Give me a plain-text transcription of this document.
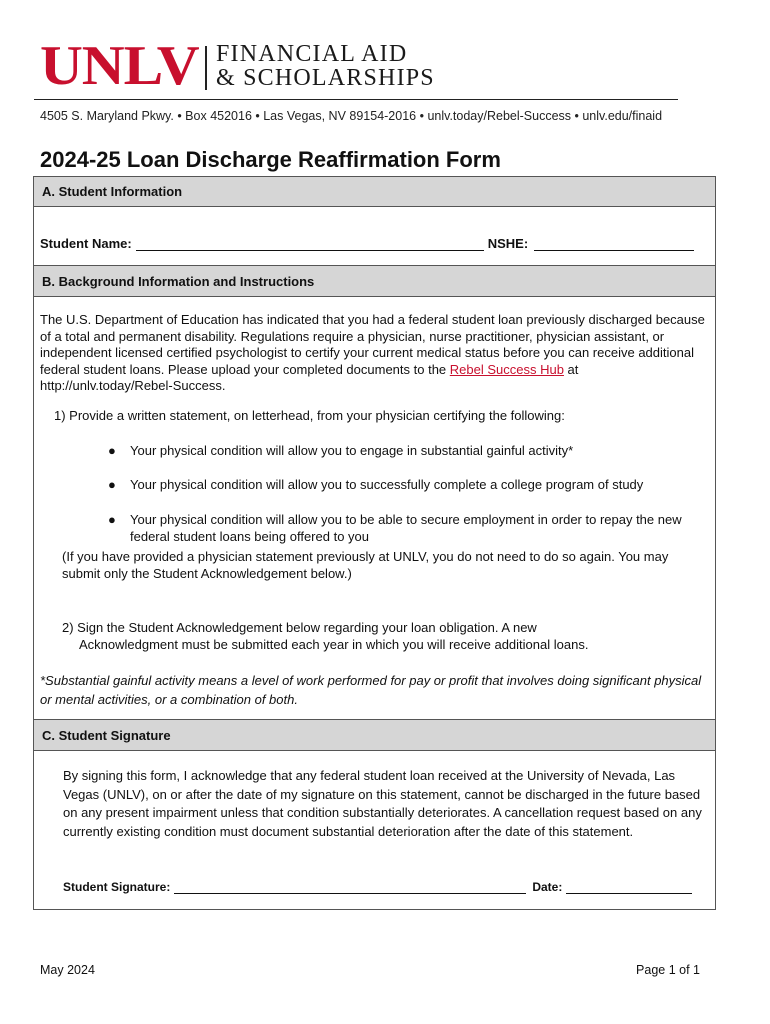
UNLV FINANCIAL AID
& SCHOLARSHIPS
4505 S. Maryland Pkwy. • Box 452016 • Las Vegas, NV 89154-2016 • unlv.today/Rebel-Success • unlv.edu/finaid
2024-25 Loan Discharge Reaffirmation Form
A. Student Information
Student Name:	NSHE:
B. Background Information and Instructions
The U.S. Department of Education has indicated that you had a federal student loan previously discharged because of a total and permanent disability. Regulations require a physician, nurse practitioner, physician assistant, or independent licensed certified psychologist to certify your current medical status before you can receive additional federal student loans. Please upload your completed documents to the Rebel Success Hub at http://unlv.today/Rebel-Success.
1) Provide a written statement, on letterhead, from your physician certifying the following:
● Your physical condition will allow you to engage in substantial gainful activity*
● Your physical condition will allow you to successfully complete a college program of study
● Your physical condition will allow you to be able to secure employment in order to repay the new federal student loans being offered to you
(If you have provided a physician statement previously at UNLV, you do not need to do so again. You may submit only the Student Acknowledgement below.)
2) Sign the Student Acknowledgement below regarding your loan obligation. A new
Acknowledgment must be submitted each year in which you will receive additional loans.
*Substantial gainful activity means a level of work performed for pay or profit that involves doing significant physical or mental activities, or a combination of both.
C. Student Signature
By signing this form, I acknowledge that any federal student loan received at the University of Nevada, Las Vegas (UNLV), on or after the date of my signature on this statement, cannot be discharged in the future based on any present impairment unless that condition substantially deteriorates. A cancellation request based on any currently existing condition must document substantial deterioration after the date of this statement.
Student Signature:	Date:
May 2024	Page 1 of 1
